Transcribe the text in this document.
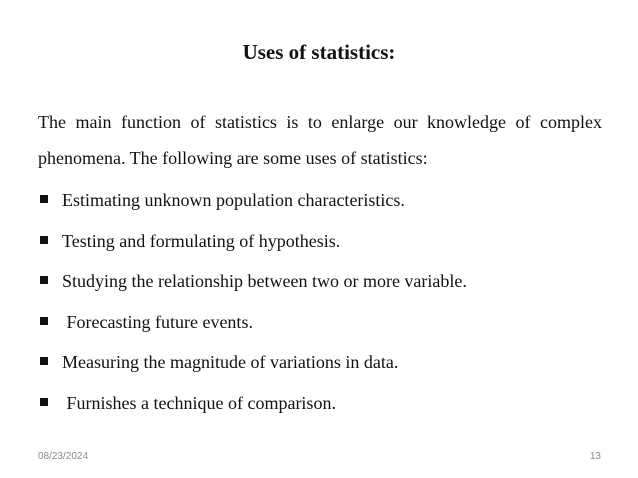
Uses of statistics:
The main function of statistics is to enlarge our knowledge of complex phenomena. The following are some uses of statistics:
Estimating unknown population characteristics.
Testing and formulating of hypothesis.
Studying the relationship between two or more variable.
Forecasting future events.
Measuring the magnitude of variations in data.
Furnishes a technique of comparison.
08/23/2024	13
